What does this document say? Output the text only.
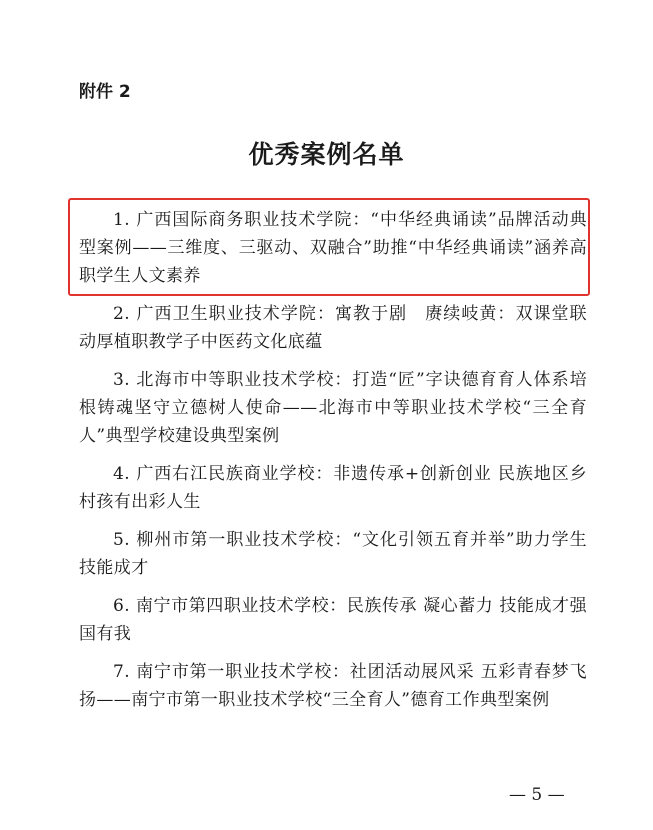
附件 2
优秀案例名单

1. 广西国际商务职业技术学院：“中华经典诵读”品牌活动典型案例——三维度、三驱动、双融合”助推“中华经典诵读”涵养高职学生人文素养

2. 广西卫生职业技术学院：寓教于剧　赓续岐黄：双课堂联动厚植职教学子中医药文化底蕴

3. 北海市中等职业技术学校：打造“匠”字诀德育育人体系培根铸魂坚守立德树人使命——北海市中等职业技术学校“三全育人”典型学校建设典型案例

4. 广西右江民族商业学校：非遗传承+创新创业 民族地区乡村孩有出彩人生

5. 柳州市第一职业技术学校：“文化引领五育并举”助力学生技能成才

6. 南宁市第四职业技术学校：民族传承 凝心蓄力 技能成才强国有我

7. 南宁市第一职业技术学校：社团活动展风采 五彩青春梦飞扬——南宁市第一职业技术学校“三全育人”德育工作典型案例

— 5 —
